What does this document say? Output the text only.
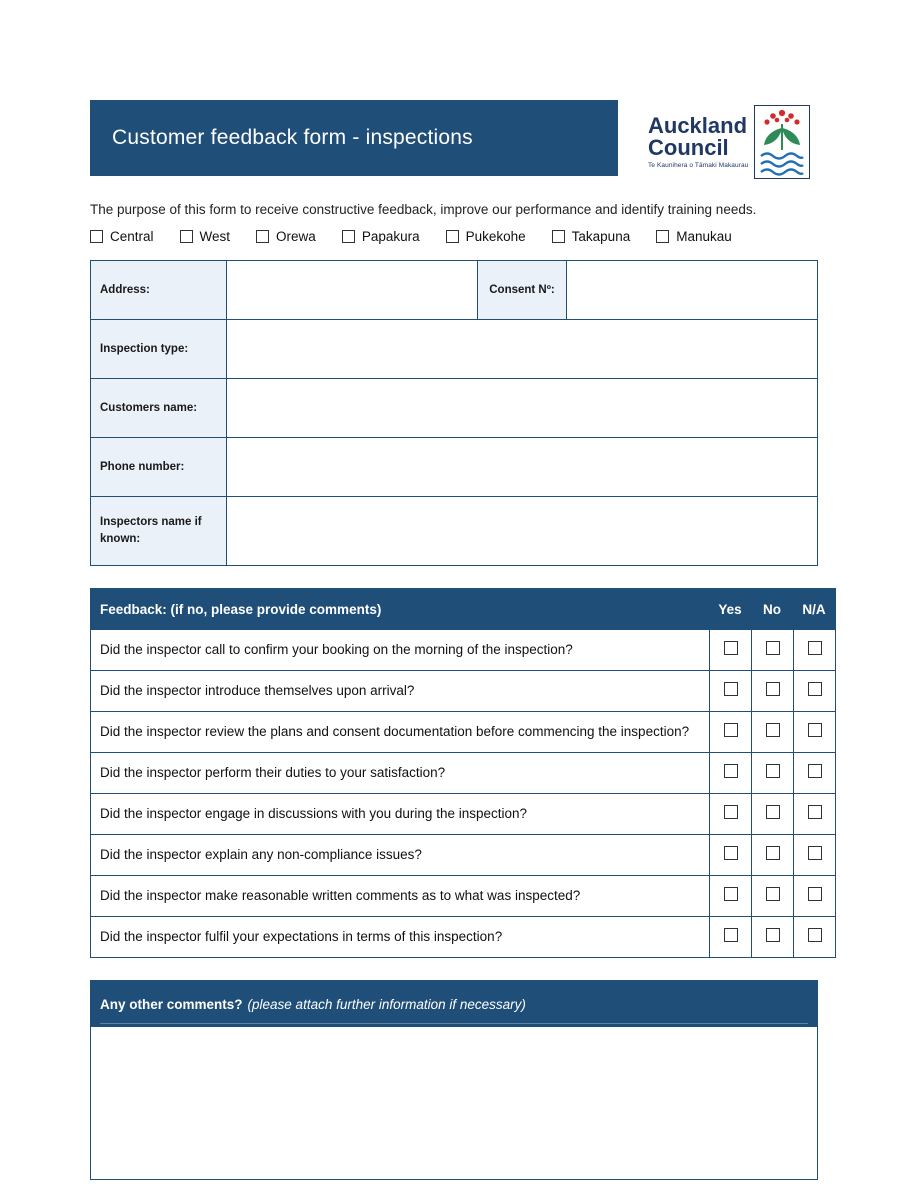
Customer feedback form - inspections	Auckland
Council
Te Kaunihera o Tāmaki Makaurau
The purpose of this form to receive constructive feedback, improve our performance and identify training needs.
Central	West	Orewa	Papakura	Pukekohe	Takapuna	Manukau
Address:		Consent Nº:	
Inspection type:			
Customers name:			
Phone number:			
Inspectors name if known:			
Feedback: (if no, please provide comments)	Yes	No	N/A
Did the inspector call to confirm your booking on the morning of the inspection?			
Did the inspector introduce themselves upon arrival?			
Did the inspector review the plans and consent documentation before commencing the inspection?			
Did the inspector perform their duties to your satisfaction?			
Did the inspector engage in discussions with you during the inspection?			
Did the inspector explain any non-compliance issues?			
Did the inspector make reasonable written comments as to what was inspected?			
Did the inspector fulfil your expectations in terms of this inspection?			
Any other comments? (please attach further information if necessary)
